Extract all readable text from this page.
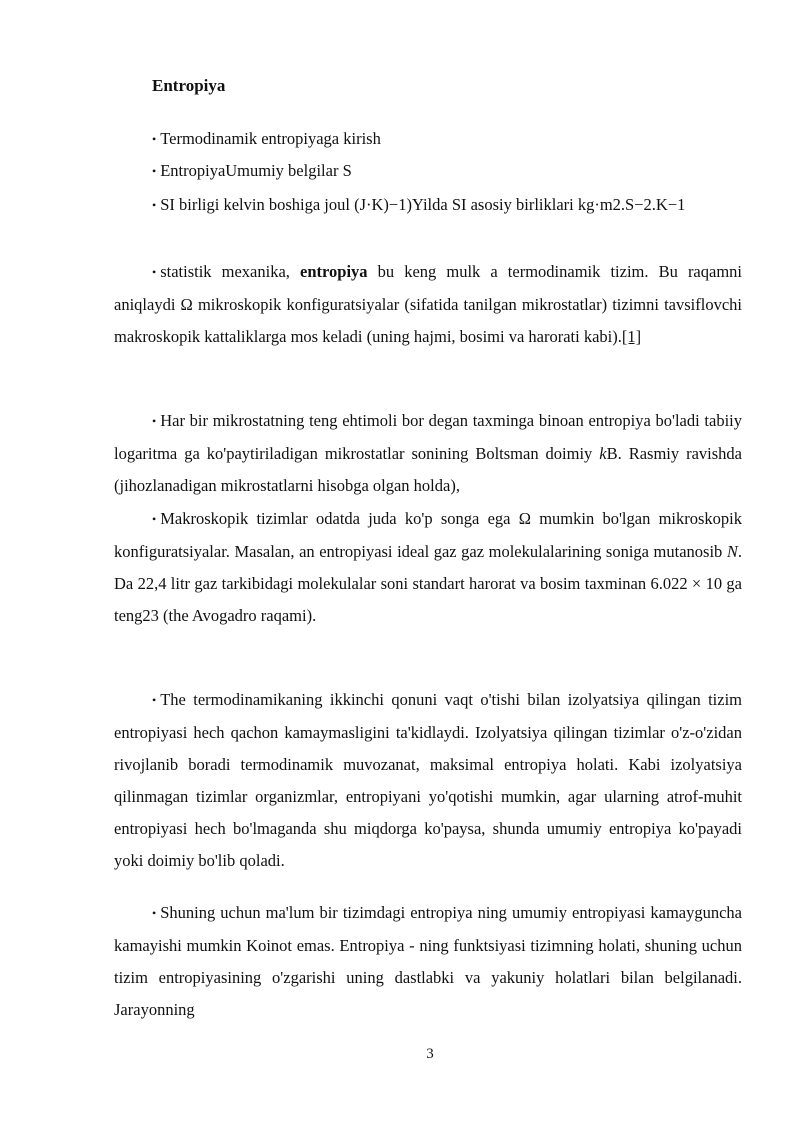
Entropiya

• Termodinamik entropiyaga kirish

• EntropiyaUmumiy belgilar S

• SI birligi kelvin boshiga joul (J·K)−1)Yilda SI asosiy birliklari kg·m2.S−2.K−1

• statistik mexanika, entropiya bu keng mulk a termodinamik tizim. Bu raqamni aniqlaydi Ω mikroskopik konfiguratsiyalar (sifatida tanilgan mikrostatlar) tizimni tavsiflovchi makroskopik kattaliklarga mos keladi (uning hajmi, bosimi va harorati kabi).[1]

• Har bir mikrostatning teng ehtimoli bor degan taxminga binoan entropiya bo'ladi tabiiy logaritma ga ko'paytiriladigan mikrostatlar sonining Boltsman doimiy kB. Rasmiy ravishda (jihozlanadigan mikrostatlarni hisobga olgan holda),

• Makroskopik tizimlar odatda juda ko'p songa ega Ω mumkin bo'lgan mikroskopik konfiguratsiyalar. Masalan, an entropiyasi ideal gaz gaz molekulalarining soniga mutanosib N. Da 22,4 litr gaz tarkibidagi molekulalar soni standart harorat va bosim taxminan 6.022 × 10 ga teng23 (the Avogadro raqami).

• The termodinamikaning ikkinchi qonuni vaqt o'tishi bilan izolyatsiya qilingan tizim entropiyasi hech qachon kamaymasligini ta'kidlaydi. Izolyatsiya qilingan tizimlar o'z-o'zidan rivojlanib boradi termodinamik muvozanat, maksimal entropiya holati. Kabi izolyatsiya qilinmagan tizimlar organizmlar, entropiyani yo'qotishi mumkin, agar ularning atrof-muhit entropiyasi hech bo'lmaganda shu miqdorga ko'paysa, shunda umumiy entropiya ko'payadi yoki doimiy bo'lib qoladi.

• Shuning uchun ma'lum bir tizimdagi entropiya ning umumiy entropiyasi kamayguncha kamayishi mumkin Koinot emas. Entropiya - ning funktsiyasi tizimning holati, shuning uchun tizim entropiyasining o'zgarishi uning dastlabki va yakuniy holatlari bilan belgilanadi. Jarayonning

3
